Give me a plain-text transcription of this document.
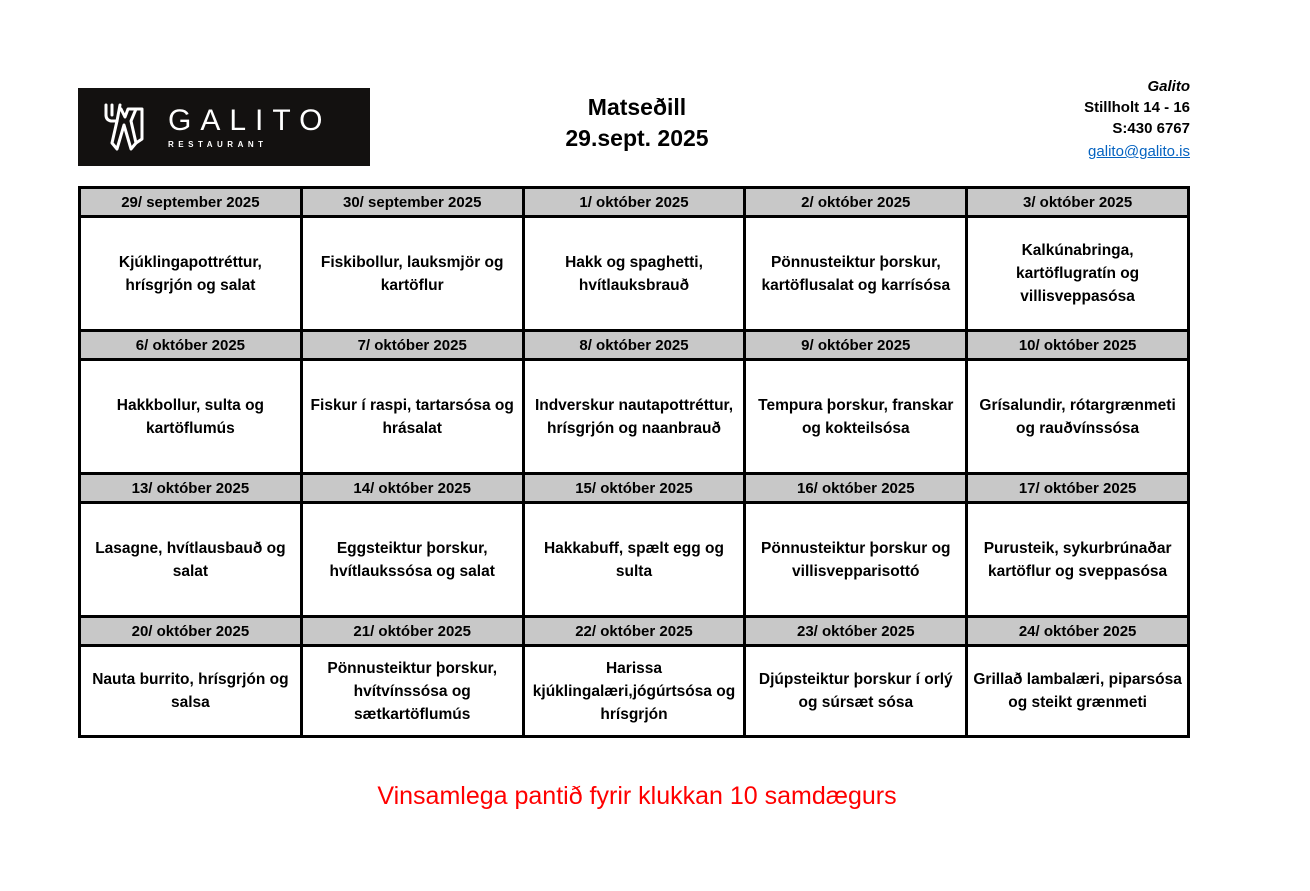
GALITO
RESTAURANT
Matseðill
29.sept. 2025
Galito
Stillholt 14 - 16
S:430 6767
galito@galito.is
29/ september 2025	30/ september 2025	1/ október 2025	2/ október 2025	3/ október 2025
Kjúklingapottréttur, hrísgrjón og salat	Fiskibollur, lauksmjör og kartöflur	Hakk og spaghetti, hvítlauksbrauð	Pönnusteiktur þorskur, kartöflusalat og karrísósa	Kalkúnabringa, kartöflugratín og villisveppasósa
6/ október 2025	7/ október 2025	8/ október 2025	9/ október 2025	10/ október 2025
Hakkbollur, sulta og kartöflumús	Fiskur í raspi, tartarsósa og hrásalat	Indverskur nautapottréttur, hrísgrjón og naanbrauð	Tempura þorskur, franskar og kokteilsósa	Grísalundir, rótargrænmeti og rauðvínssósa
13/ október 2025	14/ október 2025	15/ október 2025	16/ október 2025	17/ október 2025
Lasagne, hvítlausbauð og salat	Eggsteiktur þorskur, hvítlaukssósa og salat	Hakkabuff, spælt egg og sulta	Pönnusteiktur þorskur og villisvepparisottó	Purusteik, sykurbrúnaðar kartöflur og sveppasósa
20/ október 2025	21/ október 2025	22/ október 2025	23/ október 2025	24/ október 2025
Nauta burrito, hrísgrjón og salsa	Pönnusteiktur þorskur, hvítvínssósa og sætkartöflumús	Harissa kjúklingalæri,jógúrtsósa og hrísgrjón	Djúpsteiktur þorskur í orlý og súrsæt sósa	Grillað lambalæri, piparsósa og steikt grænmeti
Vinsamlega pantið fyrir klukkan 10 samdægurs
